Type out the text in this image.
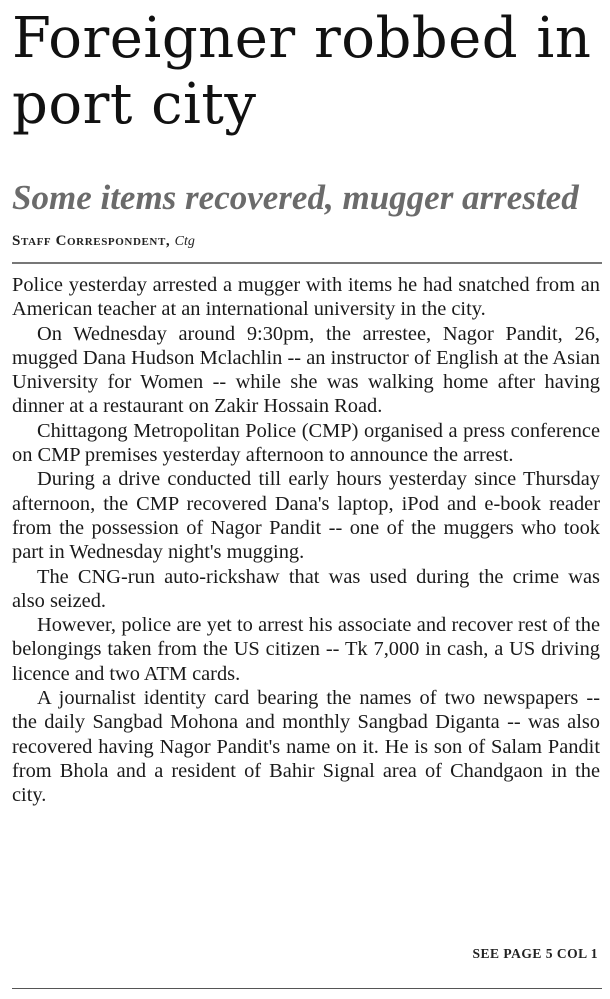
Foreigner robbed in port city
Some items recovered, mugger arrested
Staff Correspondent, Ctg

Police yesterday arrested a mugger with items he had snatched from an American teacher at an international university in the city.

On Wednesday around 9:30pm, the arrestee, Nagor Pandit, 26, mugged Dana Hudson Mclachlin -- an instructor of English at the Asian University for Women -- while she was walking home after having dinner at a restaurant on Zakir Hossain Road.

Chittagong Metropolitan Police (CMP) organised a press conference on CMP premises yesterday afternoon to announce the arrest.

During a drive conducted till early hours yesterday since Thursday afternoon, the CMP recovered Dana's laptop, iPod and e-book reader from the possession of Nagor Pandit -- one of the muggers who took part in Wednesday night's mugging.

The CNG-run auto-rickshaw that was used during the crime was also seized.

However, police are yet to arrest his associate and recover rest of the belongings taken from the US citizen -- Tk 7,000 in cash, a US driving licence and two ATM cards.

A journalist identity card bearing the names of two newspapers -- the daily Sangbad Mohona and monthly Sangbad Diganta -- was also recovered having Nagor Pandit's name on it. He is son of Salam Pandit from Bhola and a resident of Bahir Signal area of Chandgaon in the city.

SEE PAGE 5 COL 1
